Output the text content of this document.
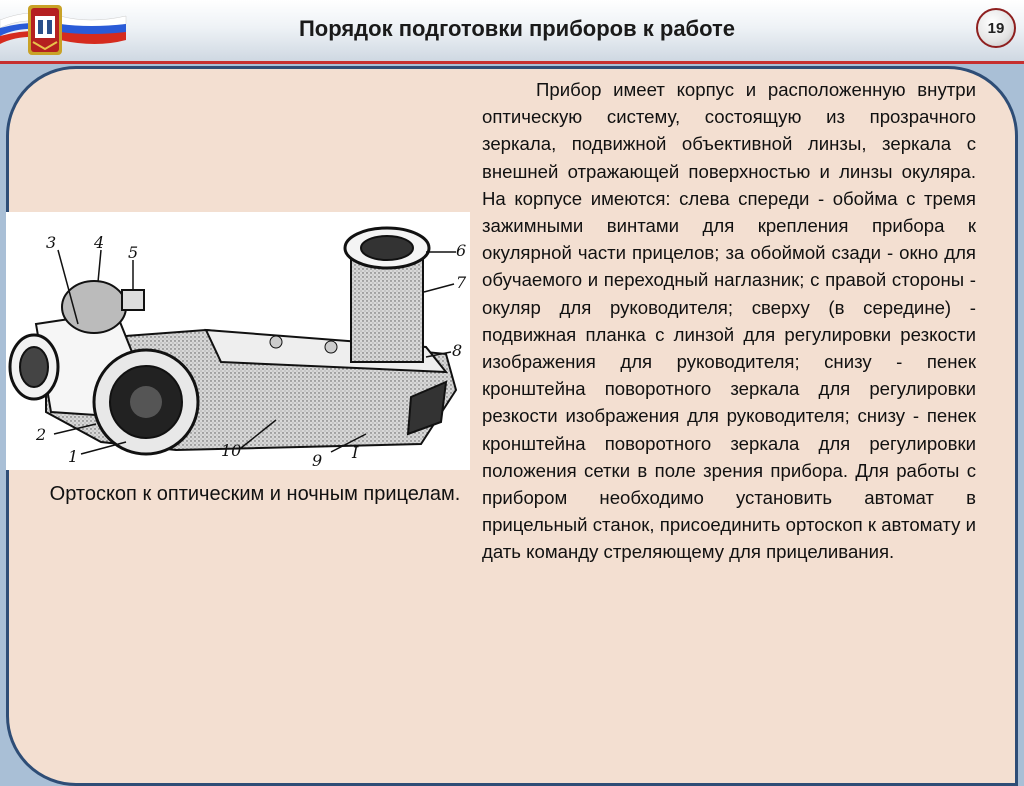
Порядок подготовки приборов к работе	19
3 4
5	6
7
8
2
1	10
9 I
Ортоскоп к оптическим и ночным прицелам.

Прибор имеет корпус и расположенную внутри оптическую систему, состоящую из прозрачного зеркала, подвижной объективной линзы, зеркала с внешней отражающей поверхностью и линзы окуляра. На корпусе имеются: слева спереди - обойма с тремя зажимными винтами для крепления прибора к окулярной части прицелов; за обоймой сзади - окно для обучаемого и переходный наглазник; с правой стороны - окуляр для руководителя; сверху (в середине) - подвижная планка с линзой для регулировки резкости изображения для руководителя; снизу - пенек кронштейна поворотного зеркала для регулировки резкости изображения для руководителя; снизу - пенек кронштейна поворотного зеркала для регулировки положения сетки в поле зрения прибора. Для работы с прибором необходимо установить автомат в прицельный станок, присоединить ортоскоп к автомату и дать команду стреляющему для прицеливания.
